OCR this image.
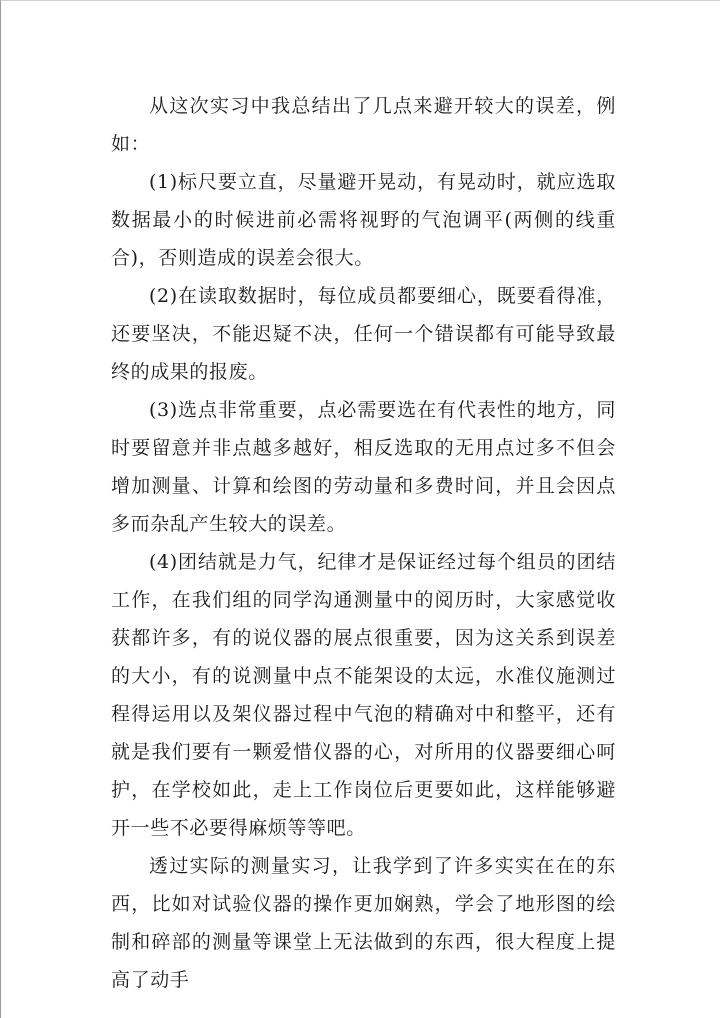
从这次实习中我总结出了几点来避开较大的误差，例如：

(1)标尺要立直，尽量避开晃动，有晃动时，就应选取数据最小的时候进前必需将视野的气泡调平(两侧的线重合)，否则造成的误差会很大。

(2)在读取数据时，每位成员都要细心，既要看得准，还要坚决，不能迟疑不决，任何一个错误都有可能导致最终的成果的报废。

(3)选点非常重要，点必需要选在有代表性的地方，同时要留意并非点越多越好，相反选取的无用点过多不但会增加测量、计算和绘图的劳动量和多费时间，并且会因点多而杂乱产生较大的误差。

(4)团结就是力气，纪律才是保证经过每个组员的团结工作，在我们组的同学沟通测量中的阅历时，大家感觉收获都许多，有的说仪器的展点很重要，因为这关系到误差的大小，有的说测量中点不能架设的太远，水准仪施测过程得运用以及架仪器过程中气泡的精确对中和整平，还有就是我们要有一颗爱惜仪器的心，对所用的仪器要细心呵护，在学校如此，走上工作岗位后更要如此，这样能够避开一些不必要得麻烦等等吧。

透过实际的测量实习，让我学到了许多实实在在的东西，比如对试验仪器的操作更加娴熟，学会了地形图的绘制和碎部的测量等课堂上无法做到的东西，很大程度上提高了动手
